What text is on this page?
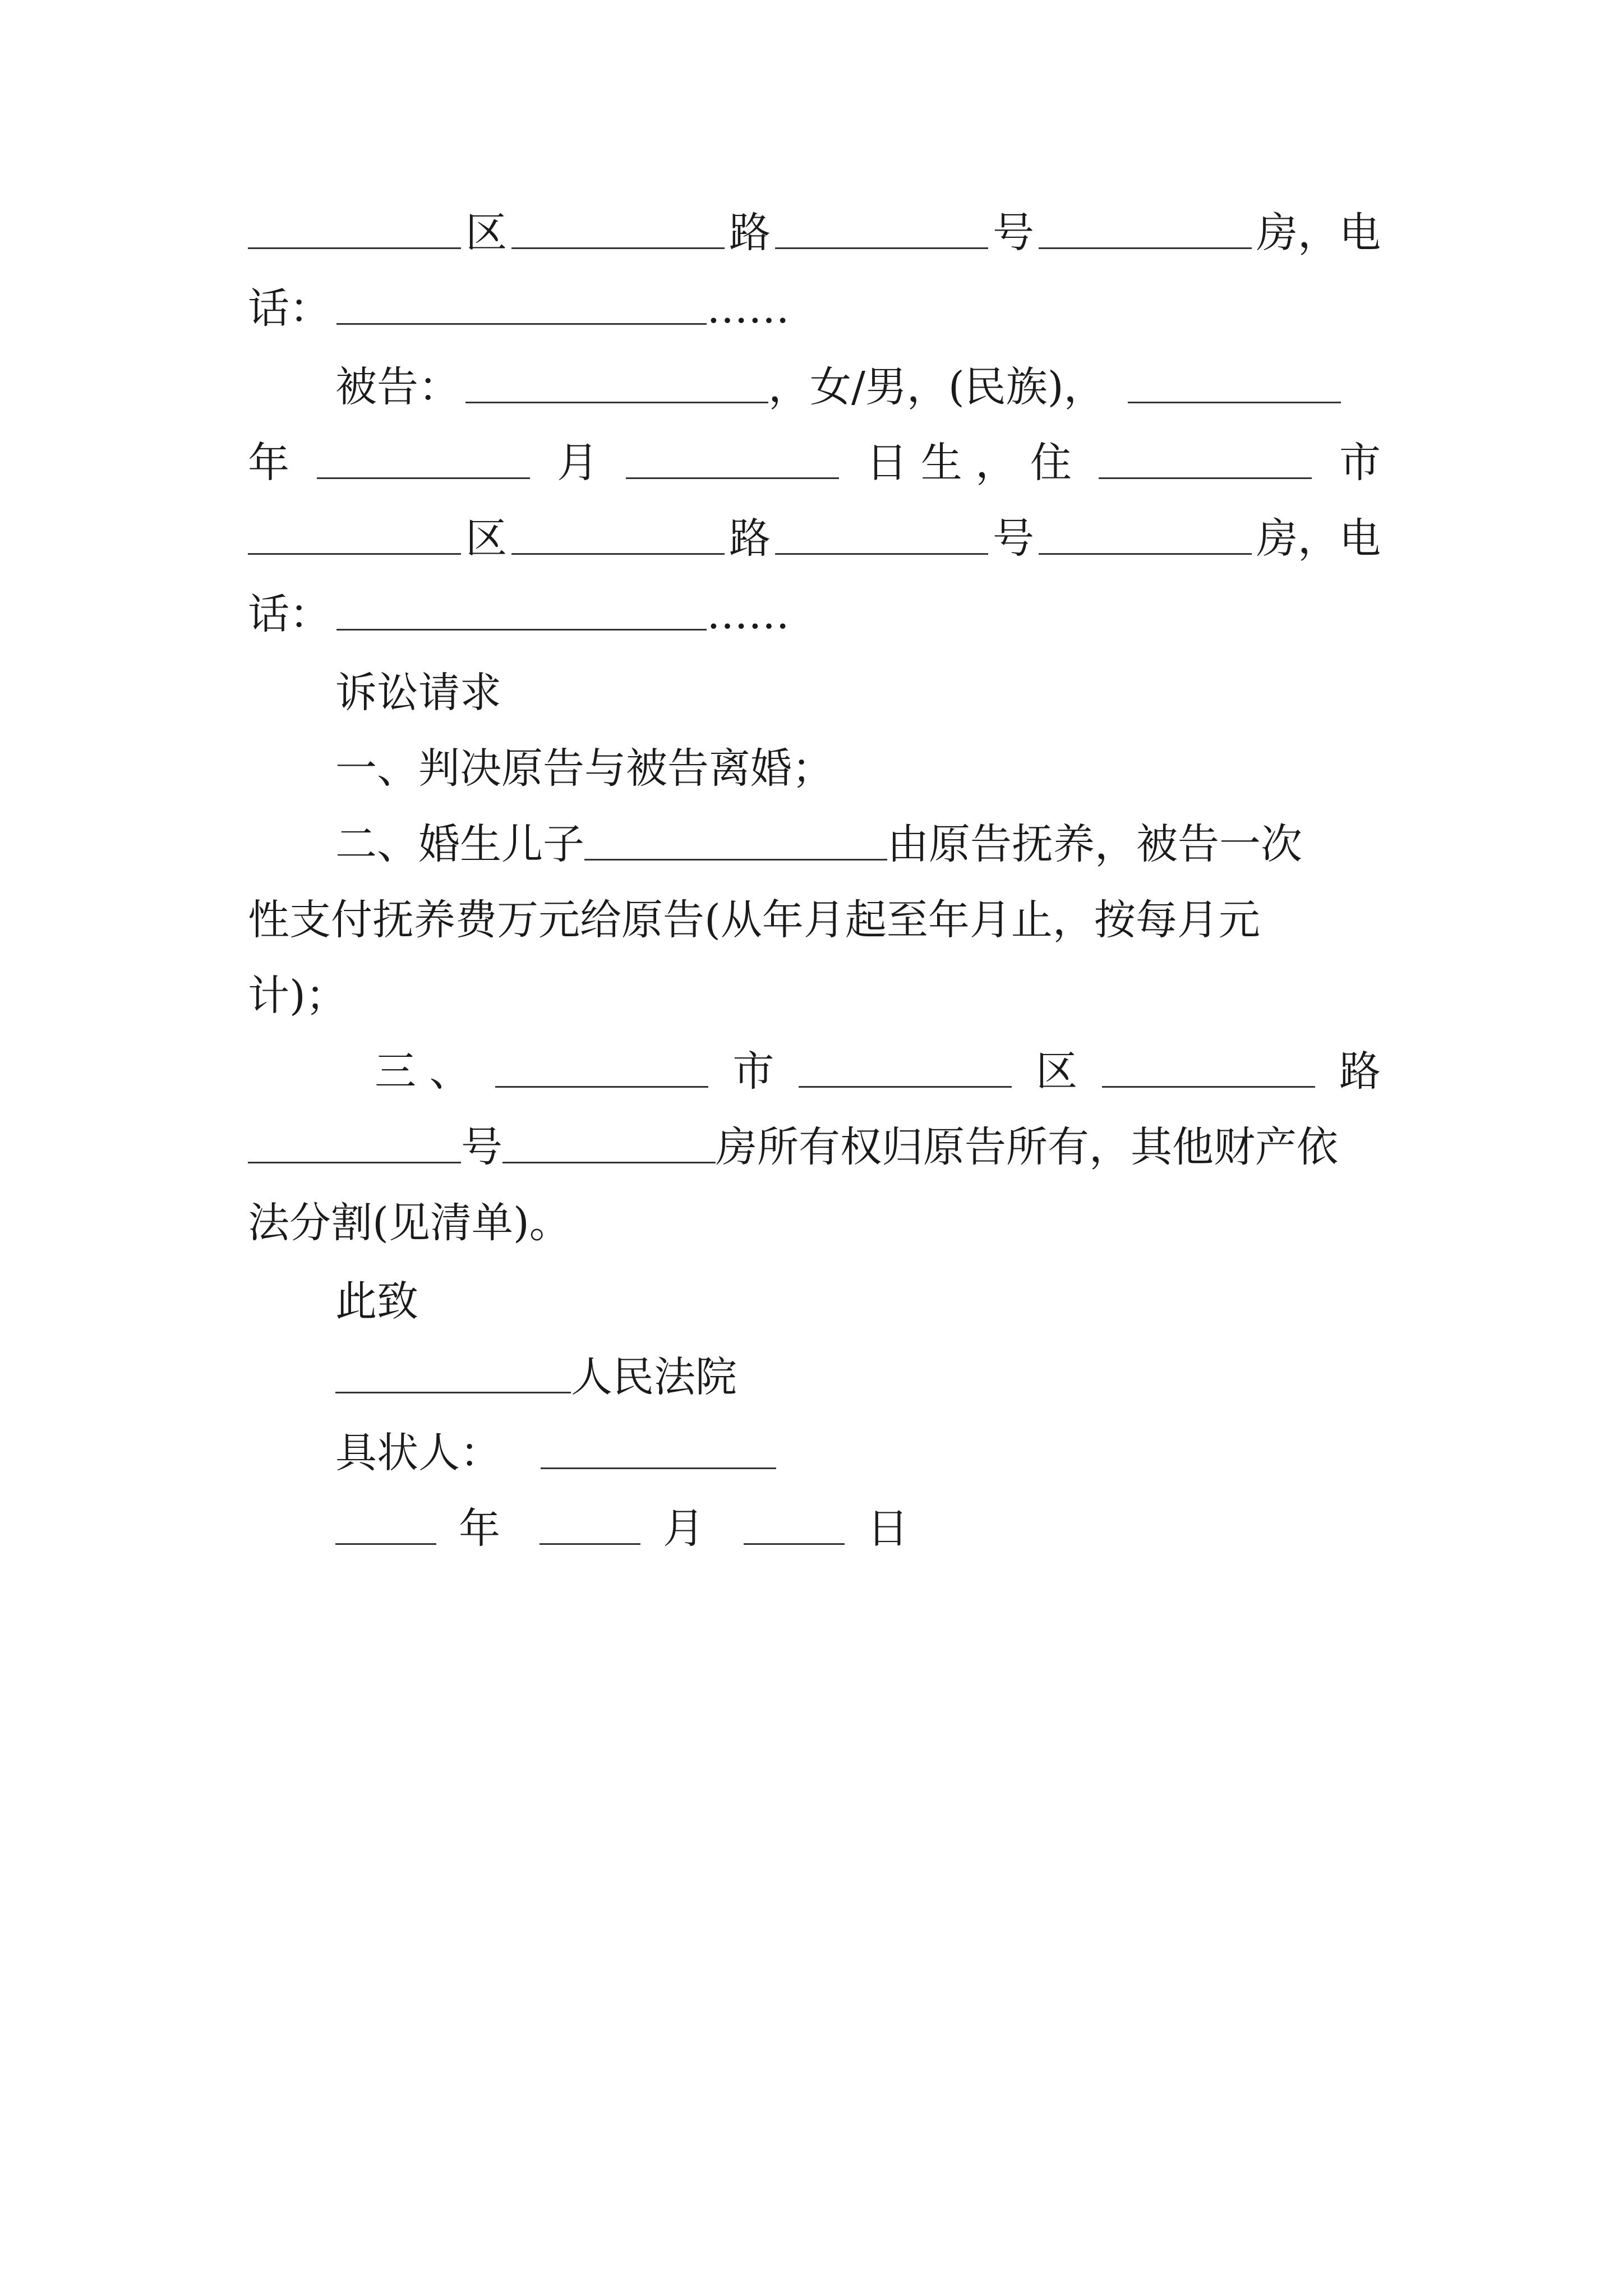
区	路	号	房，电
话：	……
被告：	，女/男，(民族)，
年	月	日 生 ， 住	市
区	路	号	房，电
话：	……
诉讼请求
一、判决原告与被告离婚；
二、婚生儿子	由原告抚养，被告一次
性支付抚养费万元给原告(从年月起至年月止，按每月元
计)；
三 、	市	区	路
号	房所有权归原告所有，其他财产依
法分割(见清单)。
此致
人民法院
具状人：
年	月	日
